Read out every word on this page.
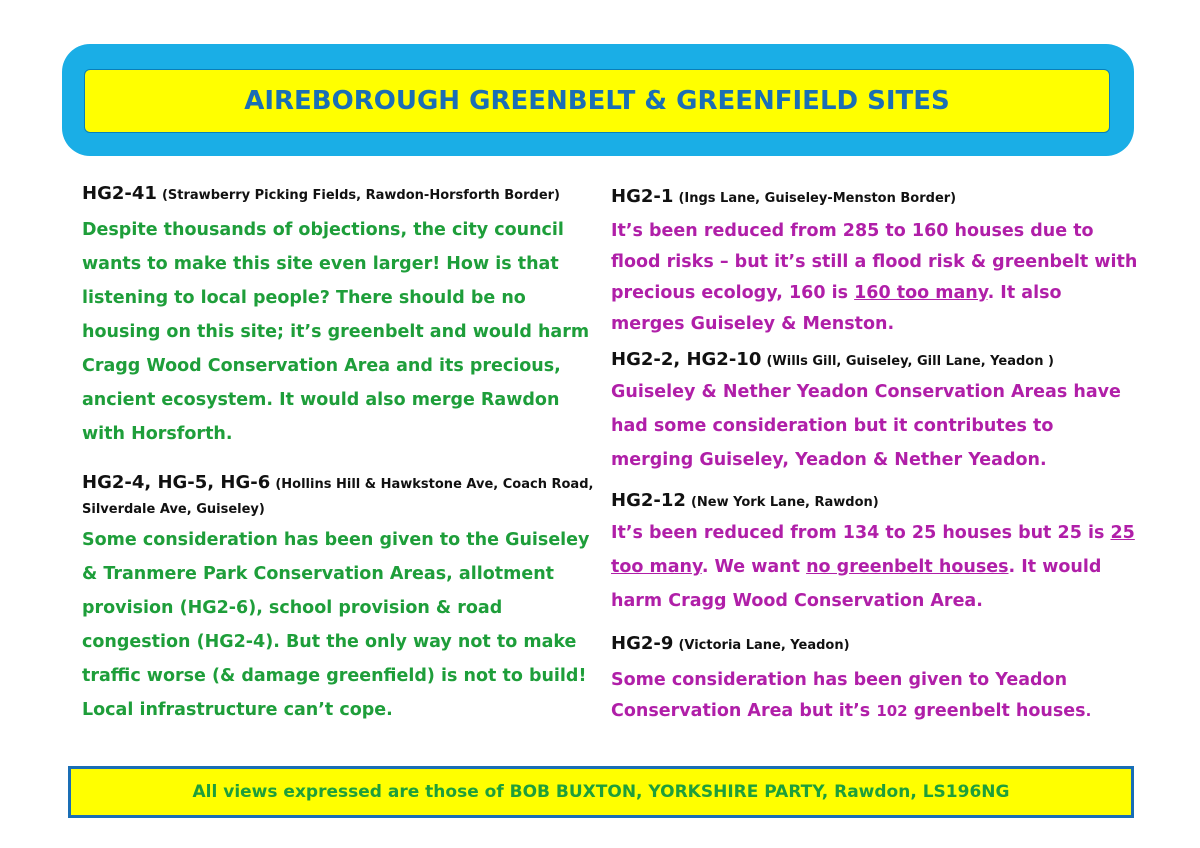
AIREBOROUGH GREENBELT & GREENFIELD SITES
HG2-41 (Strawberry Picking Fields, Rawdon-Horsforth Border)
Despite thousands of objections, the city council wants to make this site even larger! How is that listening to local people? There should be no housing on this site; it’s greenbelt and would harm Cragg Wood Conservation Area and its precious, ancient ecosystem. It would also merge Rawdon with Horsforth.
HG2-4, HG-5, HG-6 (Hollins Hill & Hawkstone Ave, Coach Road, Silverdale Ave, Guiseley)
Some consideration has been given to the Guiseley & Tranmere Park Conservation Areas, allotment provision (HG2-6), school provision & road congestion (HG2-4). But the only way not to make traffic worse (& damage greenfield) is not to build! Local infrastructure can’t cope.
HG2-1 (Ings Lane, Guiseley-Menston Border)
It’s been reduced from 285 to 160 houses due to flood risks – but it’s still a flood risk & greenbelt with precious ecology, 160 is 160 too many. It also merges Guiseley & Menston.
HG2-2, HG2-10 (Wills Gill, Guiseley, Gill Lane, Yeadon )
Guiseley & Nether Yeadon Conservation Areas have had some consideration but it contributes to merging Guiseley, Yeadon & Nether Yeadon.
HG2-12 (New York Lane, Rawdon)
It’s been reduced from 134 to 25 houses but 25 is 25 too many. We want no greenbelt houses. It would harm Cragg Wood Conservation Area.
HG2-9 (Victoria Lane, Yeadon)
Some consideration has been given to Yeadon Conservation Area but it’s 102 greenbelt houses.
All views expressed are those of BOB BUXTON, YORKSHIRE PARTY, Rawdon, LS196NG
